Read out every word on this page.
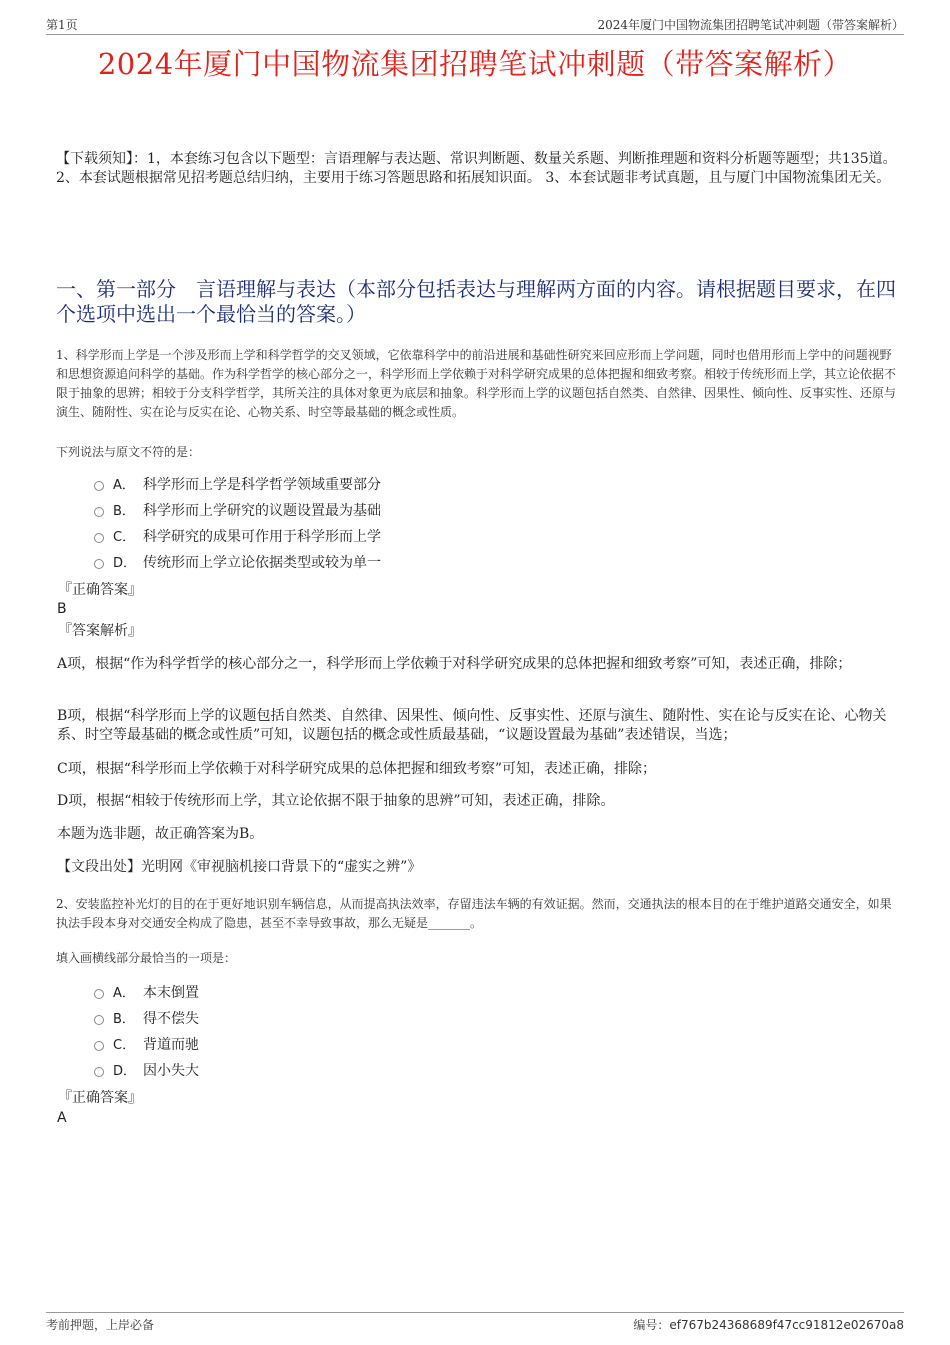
第1页	2024年厦门中国物流集团招聘笔试冲刺题（带答案解析）
2024年厦门中国物流集团招聘笔试冲刺题（带答案解析）
【下载须知】：1，本套练习包含以下题型：言语理解与表达题、常识判断题、数量关系题、判断推理题和资料分析题等题型；共135道。 2、本套试题根据常见招考题总结归纳，主要用于练习答题思路和拓展知识面。 3、本套试题非考试真题，且与厦门中国物流集团无关。
一、第一部分　言语理解与表达（本部分包括表达与理解两方面的内容。请根据题目要求，在四个选项中选出一个最恰当的答案。）
1、科学形而上学是一个涉及形而上学和科学哲学的交叉领域，它依靠科学中的前沿进展和基础性研究来回应形而上学问题，同时也借用形而上学中的问题视野和思想资源追问科学的基础。作为科学哲学的核心部分之一，科学形而上学依赖于对科学研究成果的总体把握和细致考察。相较于传统形而上学，其立论依据不限于抽象的思辨；相较于分支科学哲学，其所关注的具体对象更为底层和抽象。科学形而上学的议题包括自然类、自然律、因果性、倾向性、反事实性、还原与演生、随附性、实在论与反实在论、心物关系、时空等最基础的概念或性质。
下列说法与原文不符的是：
A． 科学形而上学是科学哲学领域重要部分
B． 科学形而上学研究的议题设置最为基础
C． 科学研究的成果可作用于科学形而上学
D． 传统形而上学立论依据类型或较为单一
『正确答案』
B
『答案解析』
A项，根据“作为科学哲学的核心部分之一，科学形而上学依赖于对科学研究成果的总体把握和细致考察”可知，表述正确，排除；
B项，根据“科学形而上学的议题包括自然类、自然律、因果性、倾向性、反事实性、还原与演生、随附性、实在论与反实在论、心物关系、时空等最基础的概念或性质”可知，议题包括的概念或性质最基础，“议题设置最为基础”表述错误，当选；
C项，根据“科学形而上学依赖于对科学研究成果的总体把握和细致考察”可知，表述正确，排除；
D项，根据“相较于传统形而上学，其立论依据不限于抽象的思辨”可知，表述正确，排除。
本题为选非题，故正确答案为B。
【文段出处】光明网《审视脑机接口背景下的“虚实之辨”》
2、安装监控补光灯的目的在于更好地识别车辆信息，从而提高执法效率，存留违法车辆的有效证据。然而，交通执法的根本目的在于维护道路交通安全，如果执法手段本身对交通安全构成了隐患，甚至不幸导致事故，那么无疑是_______。
填入画横线部分最恰当的一项是：
A． 本末倒置
B． 得不偿失
C． 背道而驰
D． 因小失大
『正确答案』
A
考前押题，上岸必备	编号：ef767b24368689f47cc91812e02670a8
